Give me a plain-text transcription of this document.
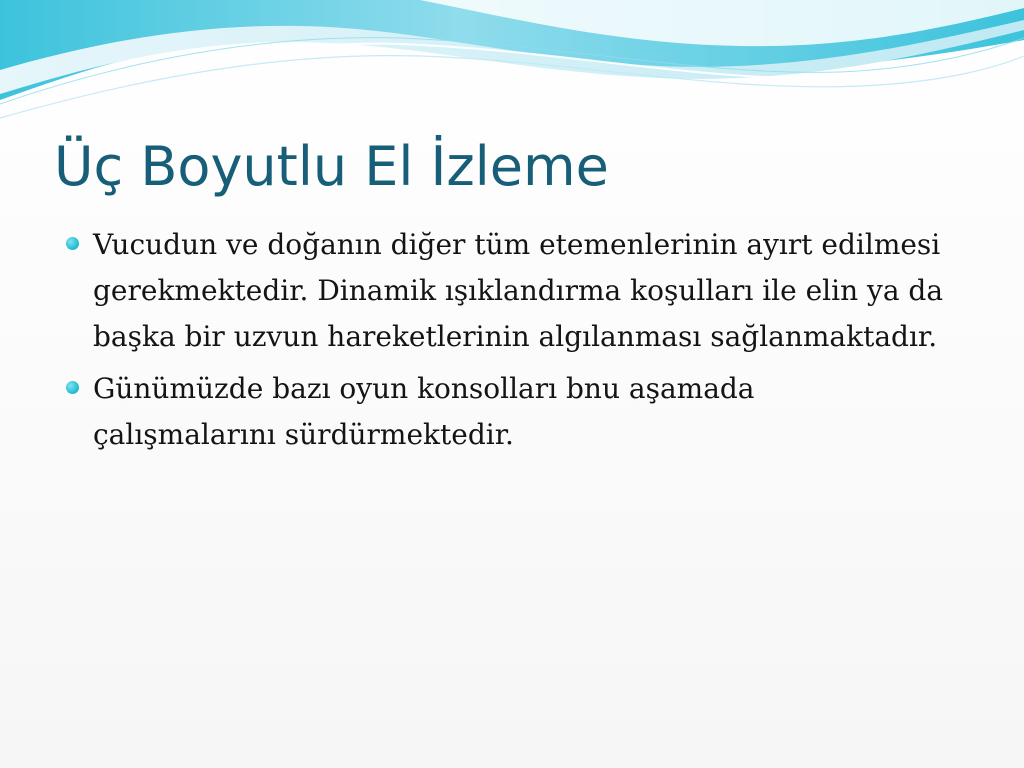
Üç Boyutlu El İzleme
Vucudun ve doğanın diğer tüm etemenlerinin ayırt edilmesi gerekmektedir. Dinamik ışıklandırma koşulları ile elin ya da başka bir uzvun hareketlerinin algılanması sağlanmaktadır.
Günümüzde bazı oyun konsolları bnu aşamada çalışmalarını sürdürmektedir.
